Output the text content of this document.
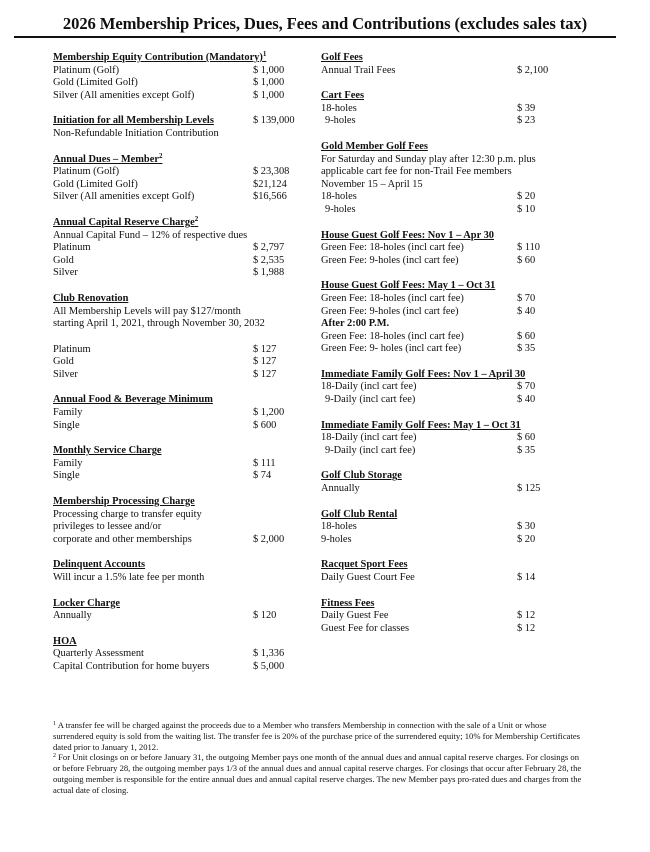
2026 Membership Prices, Dues, Fees and Contributions (excludes sales tax)
Membership Equity Contribution (Mandatory)$^1$
Platinum (Golf)	$ 1,000
Gold (Limited Golf)	$ 1,000
Silver (All amenities except Golf)	$ 1,000
Initiation for all Membership Levels	$ 139,000
Non-Refundable Initiation Contribution
Annual Dues – Member$^2$
Platinum (Golf)	$ 23,308
Gold (Limited Golf)	$21,124
Silver (All amenities except Golf)	$16,566
Annual Capital Reserve Charge$^2$
Annual Capital Fund – 12% of respective dues
Platinum	$ 2,797
Gold	$ 2,535
Silver	$ 1,988
Club Renovation
All Membership Levels will pay $127/month
starting April 1, 2021, through November 30, 2032
Platinum	$ 127
Gold	$ 127
Silver	$ 127
Annual Food & Beverage Minimum
Family	$ 1,200
Single	$ 600
Monthly Service Charge
Family	$ 111
Single	$ 74
Membership Processing Charge
Processing charge to transfer equity
privileges to lessee and/or
corporate and other memberships	$ 2,000
Delinquent Accounts
Will incur a 1.5% late fee per month
Locker Charge
Annually	$ 120
HOA
Quarterly Assessment	$ 1,336
Capital Contribution for home buyers	$ 5,000
Golf Fees
Annual Trail Fees	$ 2,100
Cart Fees
18-holes	$ 39
9-holes	$ 23
Gold Member Golf Fees
For Saturday and Sunday play after 12:30 p.m. plus
applicable cart fee for non-Trail Fee members
November 15 – April 15
18-holes	$ 20
9-holes	$ 10
House Guest Golf Fees: Nov 1 – Apr 30
Green Fee: 18-holes (incl cart fee)	$ 110
Green Fee: 9-holes (incl cart fee)	$ 60
House Guest Golf Fees: May 1 – Oct 31
Green Fee: 18-holes (incl cart fee)	$ 70
Green Fee: 9-holes (incl cart fee)	$ 40
After 2:00 P.M.
Green Fee: 18-holes (incl cart fee)	$ 60
Green Fee: 9- holes (incl cart fee)	$ 35
Immediate Family Golf Fees: Nov 1 – April 30
18-Daily (incl cart fee)	$ 70
9-Daily (incl cart fee)	$ 40
Immediate Family Golf Fees: May 1 – Oct 31
18-Daily (incl cart fee)	$ 60
9-Daily (incl cart fee)	$ 35
Golf Club Storage
Annually	$ 125
Golf Club Rental
18-holes	$ 30
9-holes	$ 20
Racquet Sport Fees
Daily Guest Court Fee	$ 14
Fitness Fees
Daily Guest Fee	$ 12
Guest Fee for classes	$ 12

$^1$ A transfer fee will be charged against the proceeds due to a Member who transfers Membership in connection with the sale of a Unit or whose surrendered equity is sold from the waiting list. The transfer fee is 20% of the purchase price of the surrendered equity; 10% for Membership Certificates dated prior to January 1, 2012.

$^2$ For Unit closings on or before January 31, the outgoing Member pays one month of the annual dues and annual capital reserve charges. For closings on or before February 28, the outgoing member pays 1/3 of the annual dues and annual capital reserve charges. For closings that occur after February 28, the outgoing member is responsible for the entire annual dues and annual capital reserve charges. The new Member pays pro-rated dues and charges from the actual date of closing.
